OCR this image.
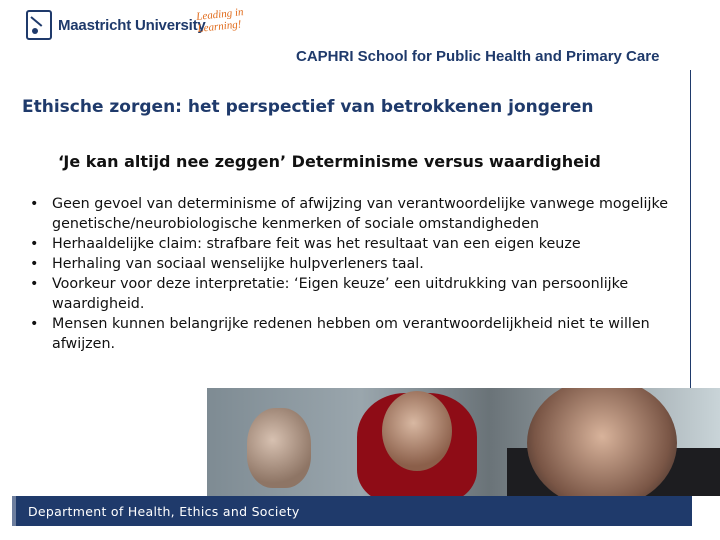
Maastricht University
Leading in Learning!
CAPHRI School for Public Health and Primary Care
Ethische zorgen: het perspectief van betrokkenen jongeren
‘Je kan altijd nee zeggen’ Determinisme versus waardigheid
• Geen gevoel van determinisme of afwijzing van verantwoordelijke vanwege mogelijke genetische/neurobiologische kenmerken of sociale omstandigheden
• Herhaaldelijke claim: strafbare feit was het resultaat van een eigen keuze
• Herhaling van sociaal wenselijke hulpverleners taal.
• Voorkeur voor deze interpretatie: ‘Eigen keuze’ een uitdrukking van persoonlijke waardigheid.
• Mensen kunnen belangrijke redenen hebben om verantwoordelijkheid niet te willen afwijzen.
Department of Health, Ethics and Society
